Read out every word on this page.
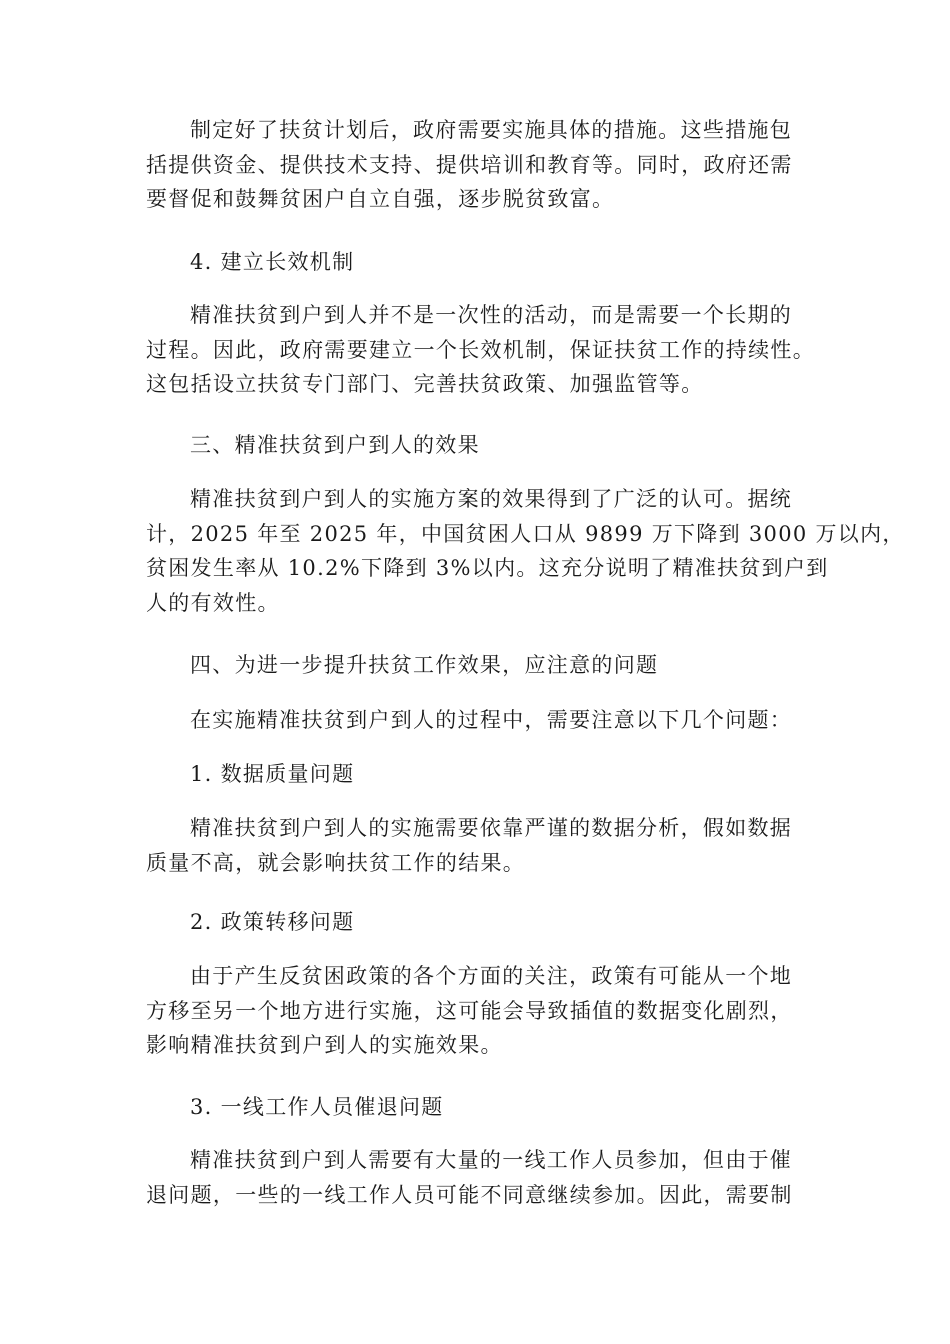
制定好了扶贫计划后，政府需要实施具体的措施。这些措施包
括提供资金、提供技术支持、提供培训和教育等。同时，政府还需
要督促和鼓舞贫困户自立自强，逐步脱贫致富。
4. 建立长效机制
精准扶贫到户到人并不是一次性的活动，而是需要一个长期的
过程。因此，政府需要建立一个长效机制，保证扶贫工作的持续性。
这包括设立扶贫专门部门、完善扶贫政策、加强监管等。
三、精准扶贫到户到人的效果
精准扶贫到户到人的实施方案的效果得到了广泛的认可。据统
计，2025 年至 2025 年，中国贫困人口从 9899 万下降到 3000 万以内，
贫困发生率从 10.2%下降到 3%以内。这充分说明了精准扶贫到户到
人的有效性。
四、为进一步提升扶贫工作效果，应注意的问题
在实施精准扶贫到户到人的过程中，需要注意以下几个问题：
1. 数据质量问题
精准扶贫到户到人的实施需要依靠严谨的数据分析，假如数据
质量不高，就会影响扶贫工作的结果。
2. 政策转移问题
由于产生反贫困政策的各个方面的关注，政策有可能从一个地
方移至另一个地方进行实施，这可能会导致插值的数据变化剧烈，
影响精准扶贫到户到人的实施效果。
3. 一线工作人员催退问题
精准扶贫到户到人需要有大量的一线工作人员参加，但由于催
退问题，一些的一线工作人员可能不同意继续参加。因此，需要制
